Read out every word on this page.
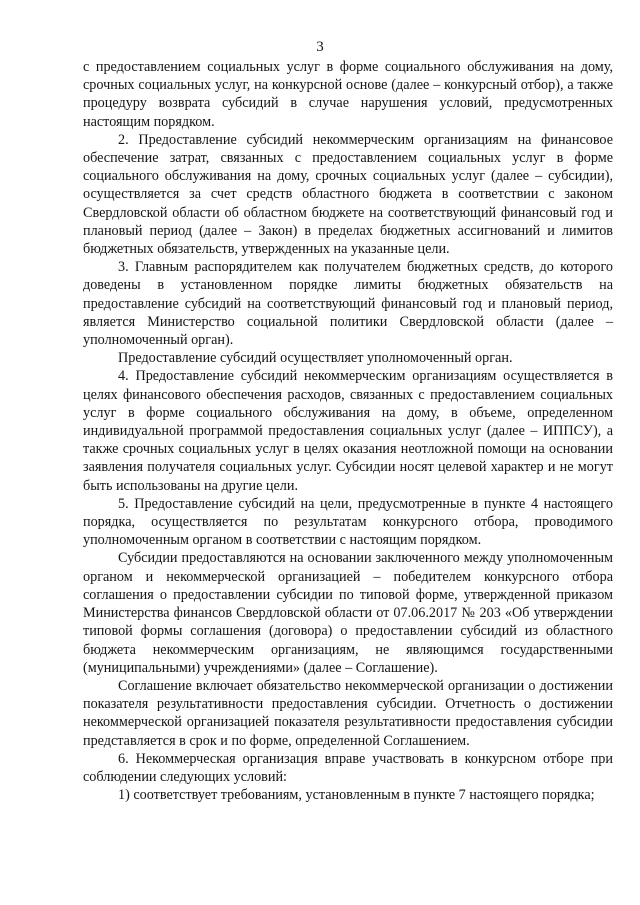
3

с предоставлением социальных услуг в форме социального обслуживания на дому, срочных социальных услуг, на конкурсной основе (далее – конкурсный отбор), а также процедуру возврата субсидий в случае нарушения условий, предусмотренных настоящим порядком.

2. Предоставление субсидий некоммерческим организациям на финансовое обеспечение затрат, связанных с предоставлением социальных услуг в форме социального обслуживания на дому, срочных социальных услуг (далее – субсидии), осуществляется за счет средств областного бюджета в соответствии с законом Свердловской области об областном бюджете на соответствующий финансовый год и плановый период (далее – Закон) в пределах бюджетных ассигнований и лимитов бюджетных обязательств, утвержденных на указанные цели.

3. Главным распорядителем как получателем бюджетных средств, до которого доведены в установленном порядке лимиты бюджетных обязательств на предоставление субсидий на соответствующий финансовый год и плановый период, является Министерство социальной политики Свердловской области (далее – уполномоченный орган).

Предоставление субсидий осуществляет уполномоченный орган.

4. Предоставление субсидий некоммерческим организациям осуществляется в целях финансового обеспечения расходов, связанных с предоставлением социальных услуг в форме социального обслуживания на дому, в объеме, определенном индивидуальной программой предоставления социальных услуг (далее – ИППСУ), а также срочных социальных услуг в целях оказания неотложной помощи на основании заявления получателя социальных услуг. Субсидии носят целевой характер и не могут быть использованы на другие цели.

5. Предоставление субсидий на цели, предусмотренные в пункте 4 настоящего порядка, осуществляется по результатам конкурсного отбора, проводимого уполномоченным органом в соответствии с настоящим порядком.

Субсидии предоставляются на основании заключенного между уполномоченным органом и некоммерческой организацией – победителем конкурсного отбора соглашения о предоставлении субсидии по типовой форме, утвержденной приказом Министерства финансов Свердловской области от 07.06.2017 № 203 «Об утверждении типовой формы соглашения (договора) о предоставлении субсидий из областного бюджета некоммерческим организациям, не являющимся государственными (муниципальными) учреждениями» (далее – Соглашение).

Соглашение включает обязательство некоммерческой организации о достижении показателя результативности предоставления субсидии. Отчетность о достижении некоммерческой организацией показателя результативности предоставления субсидии представляется в срок и по форме, определенной Соглашением.

6. Некоммерческая организация вправе участвовать в конкурсном отборе при соблюдении следующих условий:

1) соответствует требованиям, установленным в пункте 7 настоящего порядка;
